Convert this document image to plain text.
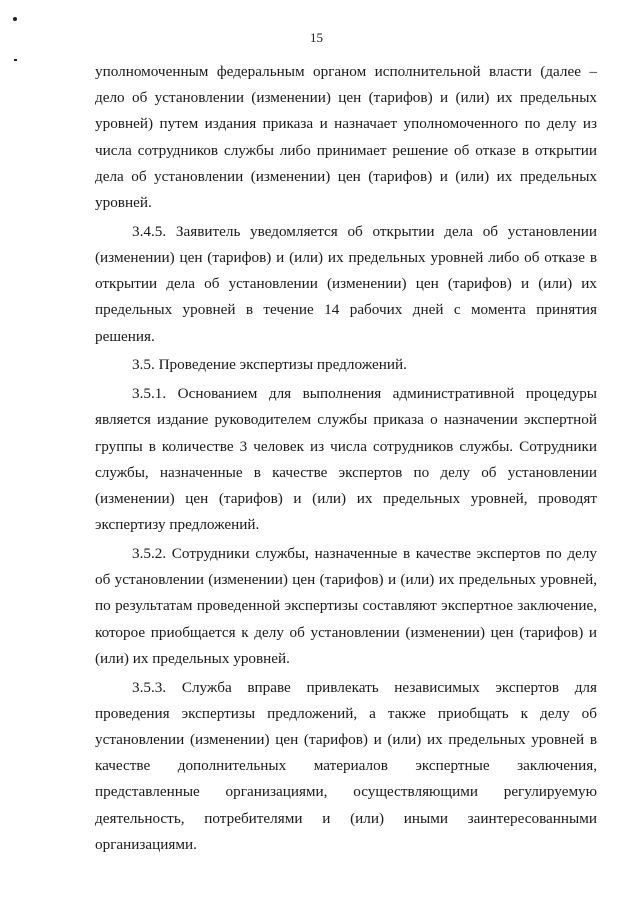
15

уполномоченным федеральным органом исполнительной власти (далее – дело об установлении (изменении) цен (тарифов) и (или) их предельных уровней) путем издания приказа и назначает уполномоченного по делу из числа сотрудников службы либо принимает решение об отказе в открытии дела об установлении (изменении) цен (тарифов) и (или) их предельных уровней.

3.4.5. Заявитель уведомляется об открытии дела об установлении (изменении) цен (тарифов) и (или) их предельных уровней либо об отказе в открытии дела об установлении (изменении) цен (тарифов) и (или) их предельных уровней в течение 14 рабочих дней с момента принятия решения.

3.5. Проведение экспертизы предложений.

3.5.1. Основанием для выполнения административной процедуры является издание руководителем службы приказа о назначении экспертной группы в количестве 3 человек из числа сотрудников службы. Сотрудники службы, назначенные в качестве экспертов по делу об установлении (изменении) цен (тарифов) и (или) их предельных уровней, проводят экспертизу предложений.

3.5.2. Сотрудники службы, назначенные в качестве экспертов по делу об установлении (изменении) цен (тарифов) и (или) их предельных уровней, по результатам проведенной экспертизы составляют экспертное заключение, которое приобщается к делу об установлении (изменении) цен (тарифов) и (или) их предельных уровней.

3.5.3. Служба вправе привлекать независимых экспертов для проведения экспертизы предложений, а также приобщать к делу об установлении (изменении) цен (тарифов) и (или) их предельных уровней в качестве дополнительных материалов экспертные заключения, представленные организациями, осуществляющими регулируемую деятельность, потребителями и (или) иными заинтересованными организациями.
